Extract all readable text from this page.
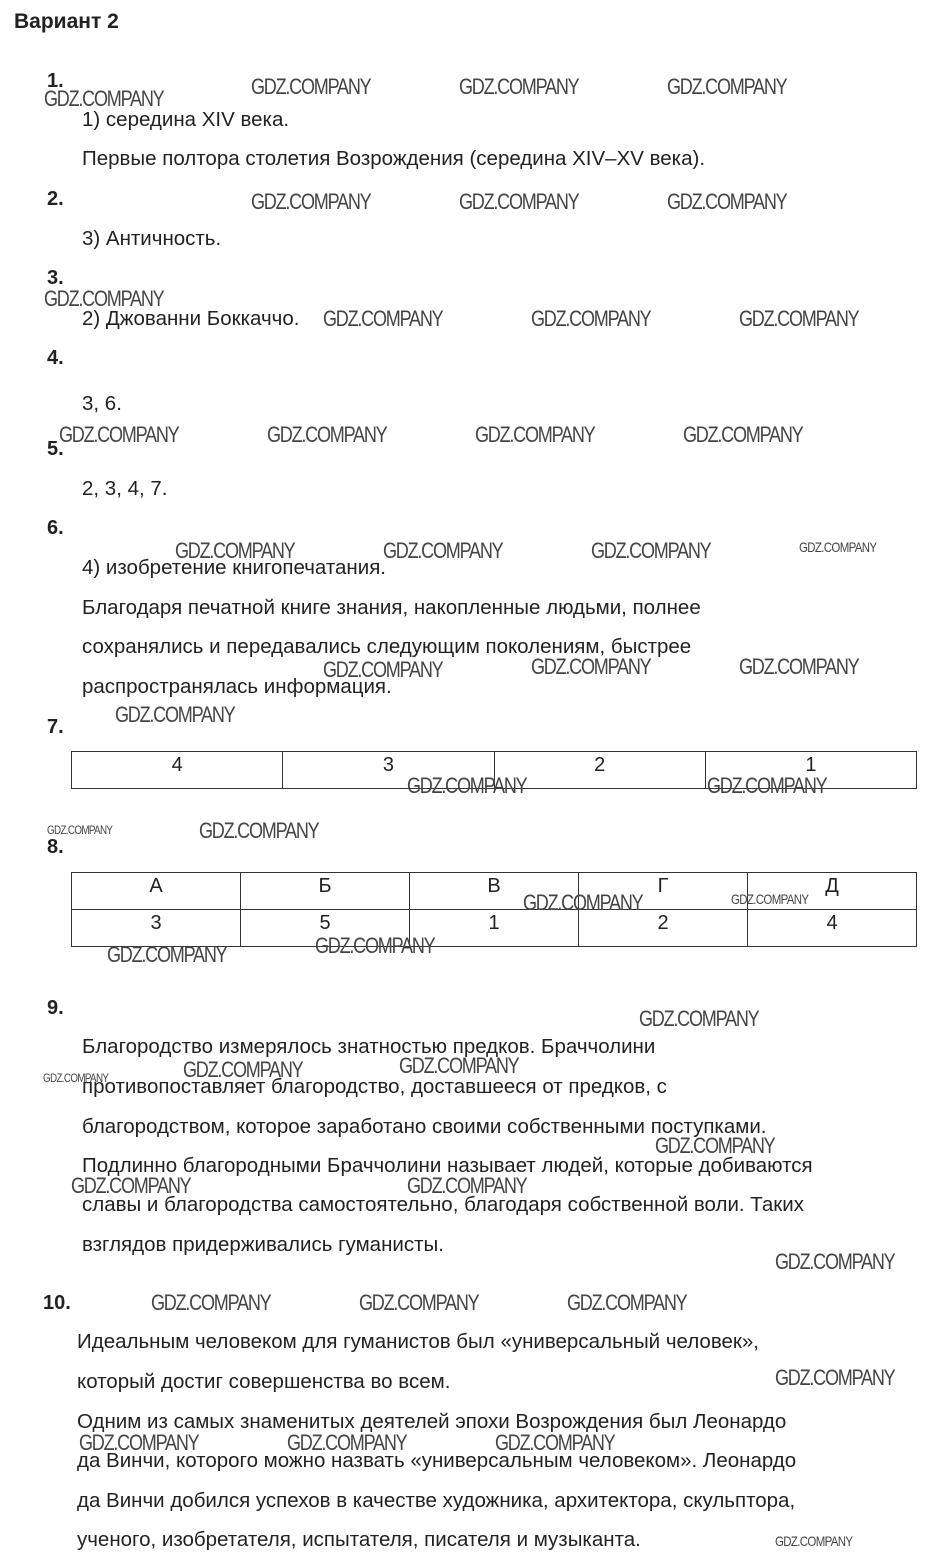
Вариант 2
1.
1) середина XIV века.
Первые полтора столетия Возрождения (середина XIV–XV века).
2.
3) Античность.
3.
2) Джованни Боккаччо.
4.
3, 6.
5.
2, 3, 4, 7.
6.
4) изобретение книгопечатания.
Благодаря печатной книге знания, накопленные людьми, полнее
сохранялись и передавались следующим поколениям, быстрее
распространялась информация.
7.
4	3	2	1
8.
А	Б	В	Г	Д
3	5	1	2	4
9.
Благородство измерялось знатностью предков. Браччолини
противопоставляет благородство, доставшееся от предков, с
благородством, которое заработано своими собственными поступками.
Подлинно благородными Браччолини называет людей, которые добиваются
славы и благородства самостоятельно, благодаря собственной воли. Таких
взглядов придерживались гуманисты.
10.
Идеальным человеком для гуманистов был «универсальный человек»,
который достиг совершенства во всем.
Одним из самых знаменитых деятелей эпохи Возрождения был Леонардо
да Винчи, которого можно назвать «универсальным человеком». Леонардо
да Винчи добился успехов в качестве художника, архитектора, скульптора,
ученого, изобретателя, испытателя, писателя и музыканта.
GDZ.COMPANY	GDZ.COMPANY	GDZ.COMPANY	GDZ.COMPANY
GDZ.COMPANY	GDZ.COMPANY	GDZ.COMPANY
GDZ.COMPANY
GDZ.COMPANY	GDZ.COMPANY	GDZ.COMPANY
GDZ.COMPANY	GDZ.COMPANY	GDZ.COMPANY	GDZ.COMPANY
GDZ.COMPANY	GDZ.COMPANY	GDZ.COMPANY	GDZ.COMPANY
GDZ.COMPANY	GDZ.COMPANY	GDZ.COMPANY
GDZ.COMPANY
GDZ.COMPANY	GDZ.COMPANY
GDZ.COMPANY	GDZ.COMPANY
GDZ.COMPANY	GDZ.COMPANY
GDZ.COMPANY
GDZ.COMPANY
GDZ.COMPANY
GDZ.COMPANY	GDZ.COMPANY	GDZ.COMPANY
GDZ.COMPANY
GDZ.COMPANY	GDZ.COMPANY
GDZ.COMPANY
GDZ.COMPANY	GDZ.COMPANY	GDZ.COMPANY
GDZ.COMPANY
GDZ.COMPANY	GDZ.COMPANY	GDZ.COMPANY
GDZ.COMPANY
